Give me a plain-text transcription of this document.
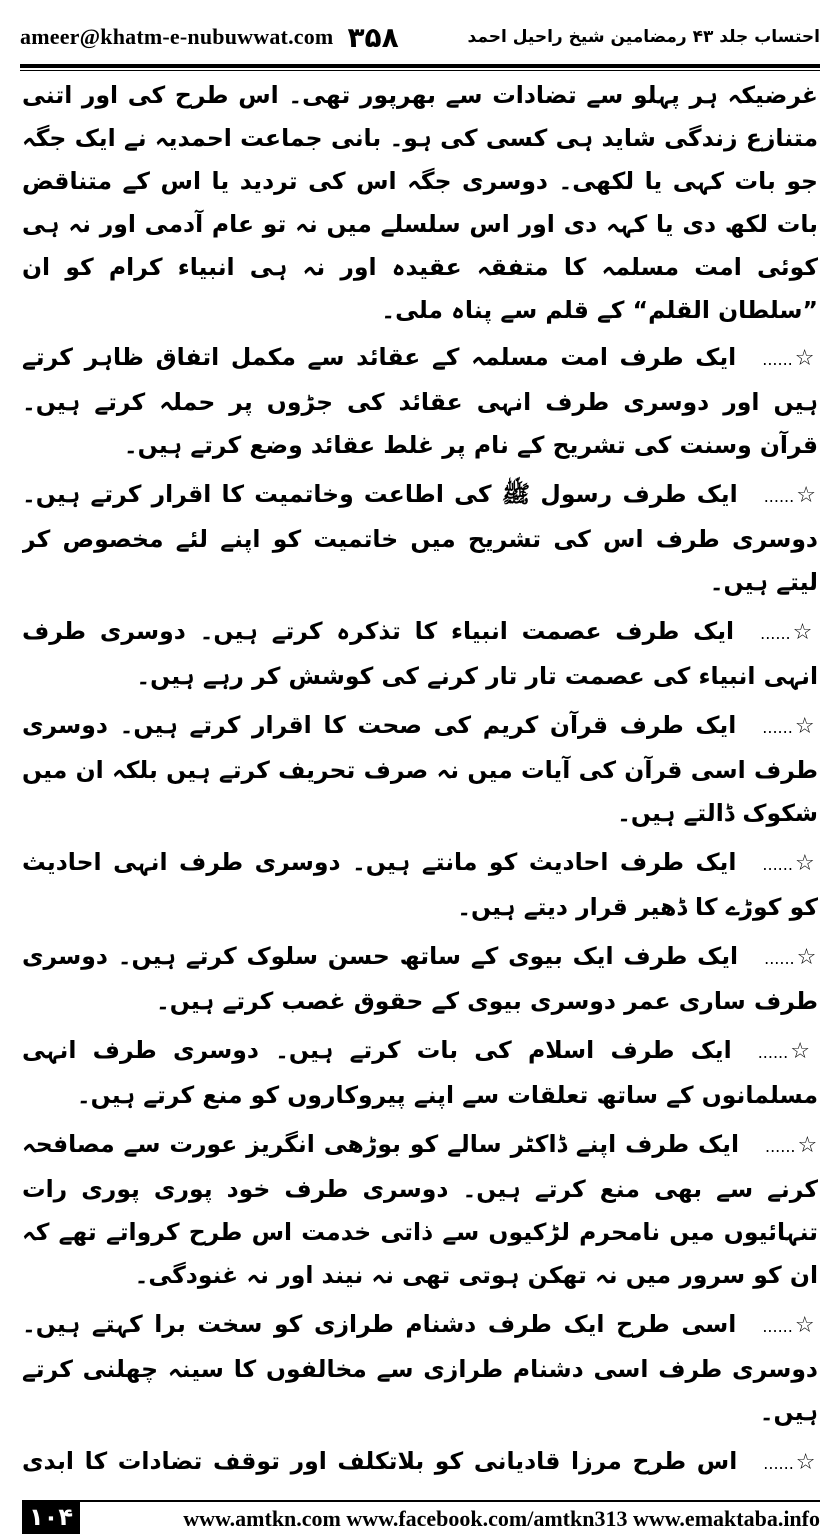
ameer@khatm-e-nubuwwat.com ۳۵۸	احتساب جلد ۴۳ رمضامین شیخ راحیل احمد

غرضیکہ ہر پہلو سے تضادات سے بھرپور تھی۔ اس طرح کی اور اتنی متنازع زندگی شاید ہی کسی کی ہو۔ بانی جماعت احمدیہ نے ایک جگہ جو بات کہی یا لکھی۔ دوسری جگہ اس کی تردید یا اس کے متناقض بات لکھ دی یا کہہ دی اور اس سلسلے میں نہ تو عام آدمی اور نہ ہی کوئی امت مسلمہ کا متفقہ عقیدہ اور نہ ہی انبیاء کرام کو ان ”سلطان القلم“ کے قلم سے پناہ ملی۔

☆......ایک طرف امت مسلمہ کے عقائد سے مکمل اتفاق ظاہر کرتے ہیں اور دوسری طرف انہی عقائد کی جڑوں پر حملہ کرتے ہیں۔ قرآن وسنت کی تشریح کے نام پر غلط عقائد وضع کرتے ہیں۔

☆......ایک طرف رسول ﷺ کی اطاعت وخاتمیت کا اقرار کرتے ہیں۔ دوسری طرف اس کی تشریح میں خاتمیت کو اپنے لئے مخصوص کر لیتے ہیں۔

☆......ایک طرف عصمت انبیاء کا تذکرہ کرتے ہیں۔ دوسری طرف انہی انبیاء کی عصمت تار تار کرنے کی کوشش کر رہے ہیں۔

☆......ایک طرف قرآن کریم کی صحت کا اقرار کرتے ہیں۔ دوسری طرف اسی قرآن کی آیات میں نہ صرف تحریف کرتے ہیں بلکہ ان میں شکوک ڈالتے ہیں۔

☆......ایک طرف احادیث کو مانتے ہیں۔ دوسری طرف انہی احادیث کو کوڑے کا ڈھیر قرار دیتے ہیں۔

☆......ایک طرف ایک بیوی کے ساتھ حسن سلوک کرتے ہیں۔ دوسری طرف ساری عمر دوسری بیوی کے حقوق غصب کرتے ہیں۔

☆......ایک طرف اسلام کی بات کرتے ہیں۔ دوسری طرف انہی مسلمانوں کے ساتھ تعلقات سے اپنے پیروکاروں کو منع کرتے ہیں۔

☆......ایک طرف اپنے ڈاکٹر سالے کو بوڑھی انگریز عورت سے مصافحہ کرنے سے بھی منع کرتے ہیں۔ دوسری طرف خود پوری پوری رات تنہائیوں میں نامحرم لڑکیوں سے ذاتی خدمت اس طرح کرواتے تھے کہ ان کو سرور میں نہ تھکن ہوتی تھی نہ نیند اور نہ غنودگی۔

☆......اسی طرح ایک طرف دشنام طرازی کو سخت برا کہتے ہیں۔ دوسری طرف اسی دشنام طرازی سے مخالفوں کا سینہ چھلنی کرتے ہیں۔

☆......اس طرح مرزا قادیانی کو بلاتکلف اور توقف تضادات کا ابدی

۱۰۴	www.amtkn.com www.facebook.com/amtkn313 www.emaktaba.info
